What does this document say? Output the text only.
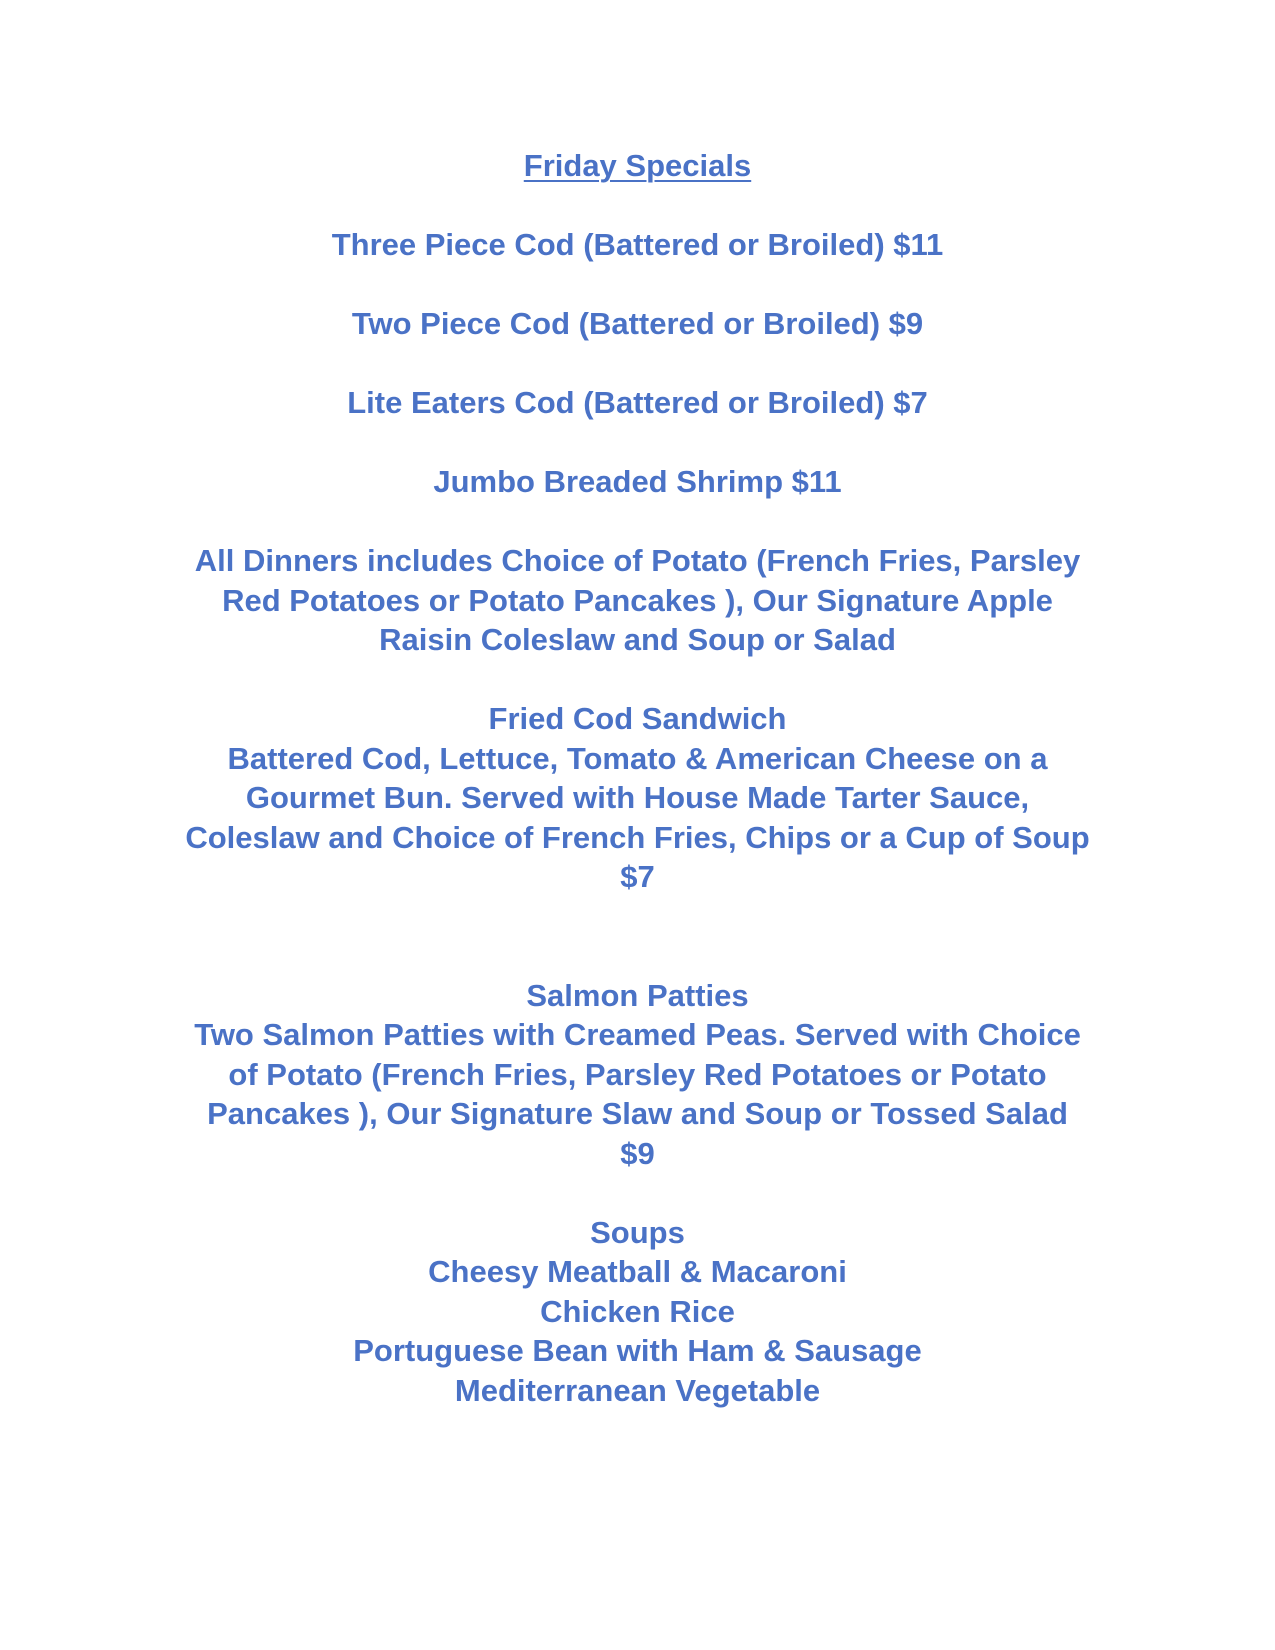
Friday Specials
Three Piece Cod (Battered or Broiled) $11
Two Piece Cod (Battered or Broiled) $9
Lite Eaters Cod (Battered or Broiled) $7
Jumbo Breaded Shrimp $11
All Dinners includes Choice of Potato (French Fries, Parsley
Red Potatoes or Potato Pancakes ), Our Signature Apple
Raisin Coleslaw and Soup or Salad
Fried Cod Sandwich
Battered Cod, Lettuce, Tomato & American Cheese on a
Gourmet Bun. Served with House Made Tarter Sauce,
Coleslaw and Choice of French Fries, Chips or a Cup of Soup
$7
Salmon Patties
Two Salmon Patties with Creamed Peas. Served with Choice
of Potato (French Fries, Parsley Red Potatoes or Potato
Pancakes ), Our Signature Slaw and Soup or Tossed Salad
$9
Soups
Cheesy Meatball & Macaroni
Chicken Rice
Portuguese Bean with Ham & Sausage
Mediterranean Vegetable
